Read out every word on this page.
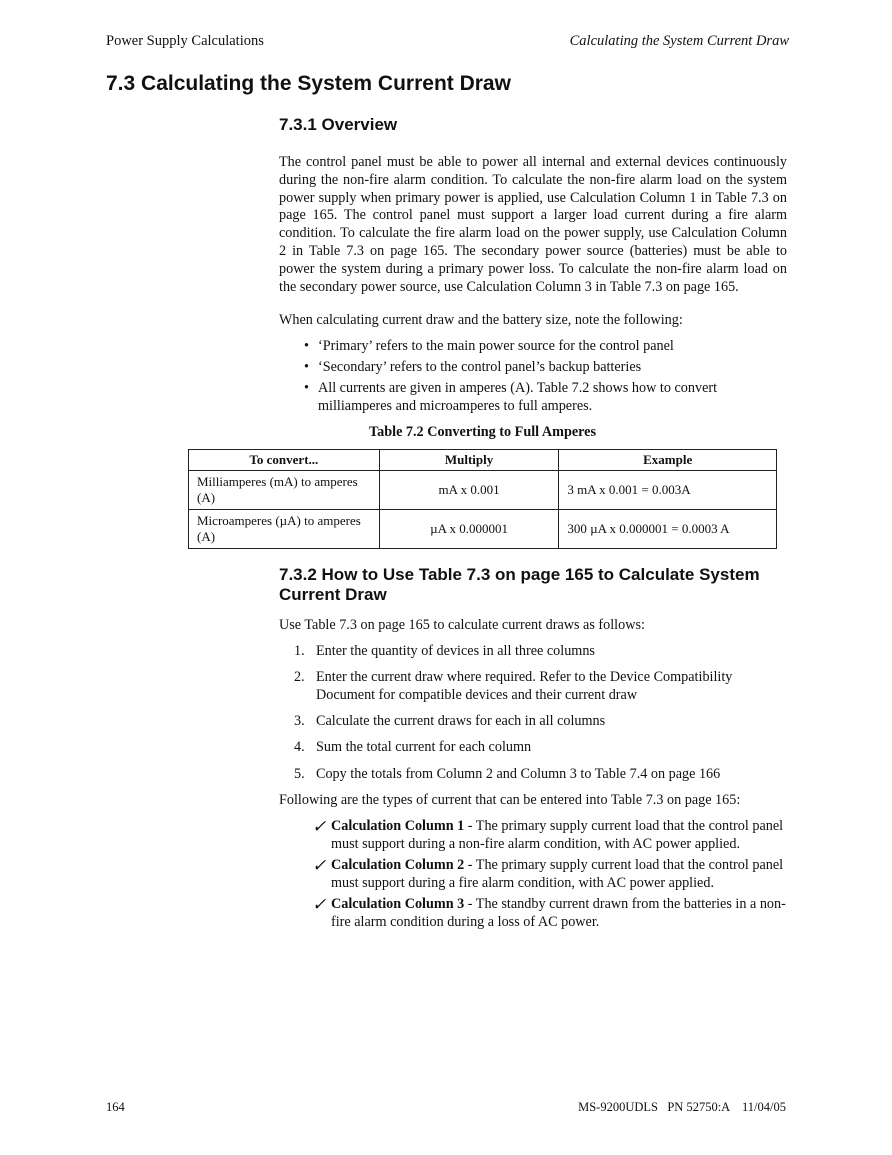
Power Supply Calculations	Calculating the System Current Draw
7.3 Calculating the System Current Draw
7.3.1 Overview
The control panel must be able to power all internal and external devices continuously during the non-fire alarm condition. To calculate the non-fire alarm load on the system power supply when primary power is applied, use Calculation Column 1 in Table 7.3 on page 165. The control panel must support a larger load current during a fire alarm condition. To calculate the fire alarm load on the power supply, use Calculation Column 2 in Table 7.3 on page 165. The secondary power source (batteries) must be able to power the system during a primary power loss. To calculate the non-fire alarm load on the secondary power source, use Calculation Column 3 in Table 7.3 on page 165.
When calculating current draw and the battery size, note the following:
• ‘Primary’ refers to the main power source for the control panel
• ‘Secondary’ refers to the control panel’s backup batteries
• All currents are given in amperes (A). Table 7.2 shows how to convert milliamperes and microamperes to full amperes.
Table 7.2 Converting to Full Amperes
To convert...	Multiply	Example
Milliamperes (mA) to amperes (A)	mA x 0.001	3 mA x 0.001 = 0.003A
Microamperes (µA) to amperes (A)	µA x 0.000001	300 µA x 0.000001 = 0.0003 A
7.3.2 How to Use Table 7.3 on page 165 to Calculate System Current Draw
Use Table 7.3 on page 165 to calculate current draws as follows:
1. Enter the quantity of devices in all three columns
2. Enter the current draw where required. Refer to the Device Compatibility Document for compatible devices and their current draw
3. Calculate the current draws for each in all columns
4. Sum the total current for each column
5. Copy the totals from Column 2 and Column 3 to Table 7.4 on page 166
Following are the types of current that can be entered into Table 7.3 on page 165:
✓ Calculation Column 1 - The primary supply current load that the control panel must support during a non-fire alarm condition, with AC power applied.
✓ Calculation Column 2 - The primary supply current load that the control panel must support during a fire alarm condition, with AC power applied.
✓ Calculation Column 3 - The standby current drawn from the batteries in a non-fire alarm condition during a loss of AC power.
164	MS-9200UDLS   PN 52750:A    11/04/05
